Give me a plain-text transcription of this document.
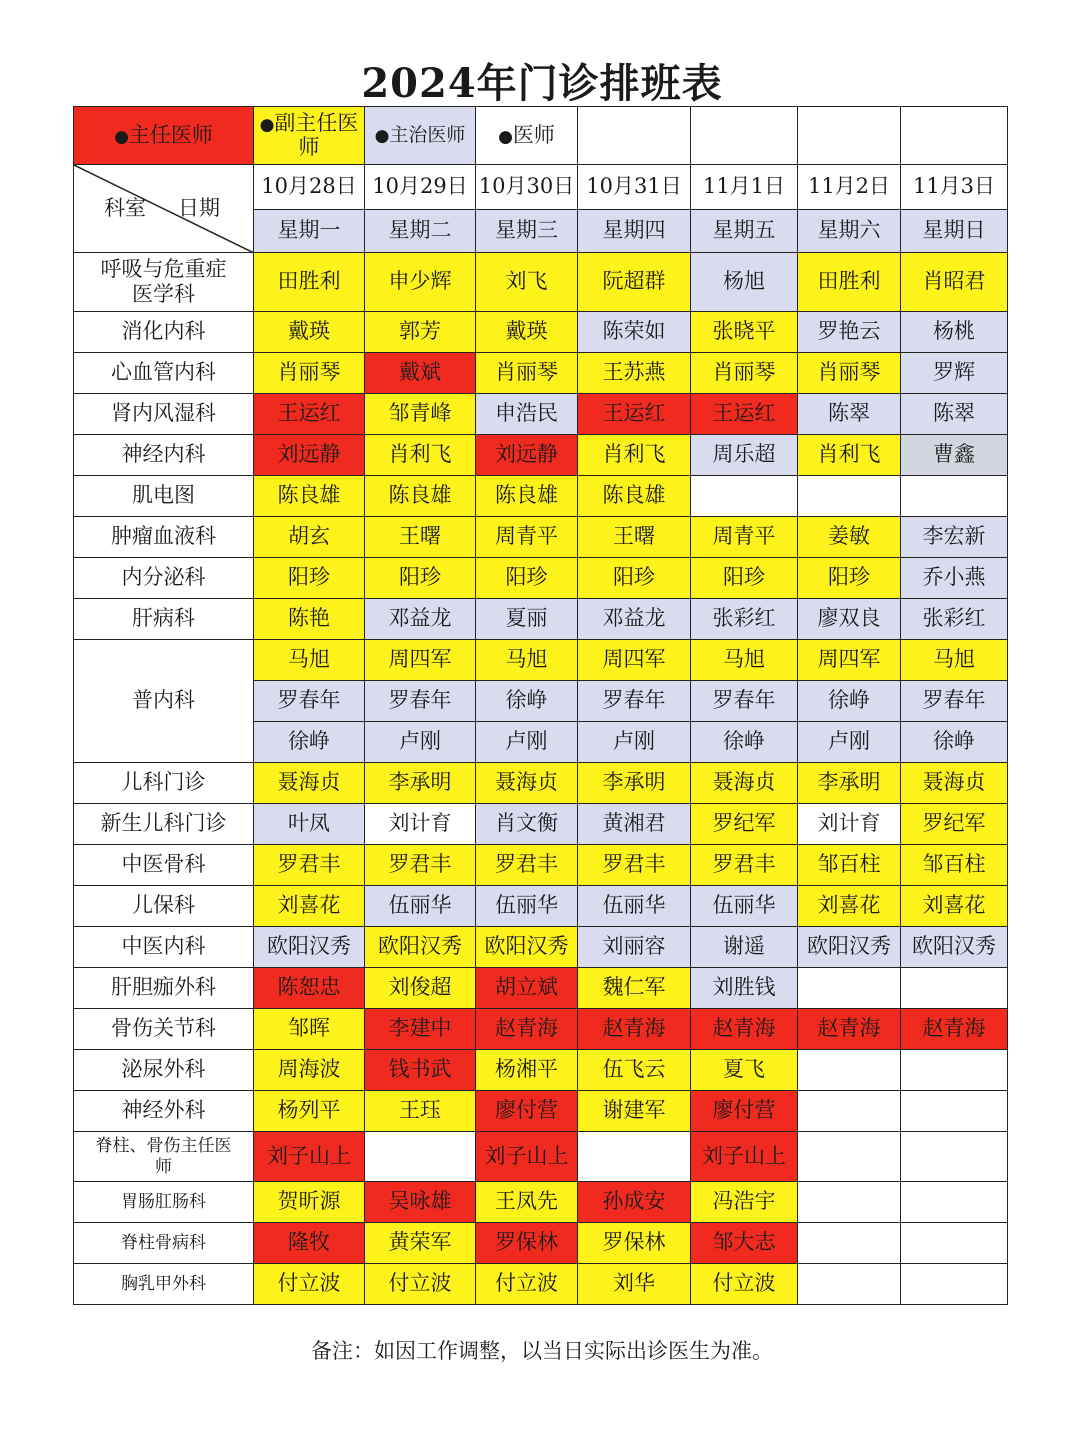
2024年门诊排班表
●主任医师	●副主任医师	●主治医师	●医师				

科室 日期	10月28日	10月29日	10月30日	10月31日	11月1日	11月2日	11月3日
	星期一	星期二	星期三	星期四	星期五	星期六	星期日
呼吸与危重症医学科	田胜利	申少辉	刘飞	阮超群	杨旭	田胜利	肖昭君
消化内科	戴瑛	郭芳	戴瑛	陈荣如	张晓平	罗艳云	杨桃
心血管内科	肖丽琴	戴斌	肖丽琴	王苏燕	肖丽琴	肖丽琴	罗辉
肾内风湿科	王运红	邹青峰	申浩民	王运红	王运红	陈翠	陈翠
神经内科	刘远静	肖利飞	刘远静	肖利飞	周乐超	肖利飞	曹鑫
肌电图	陈良雄	陈良雄	陈良雄	陈良雄			
肿瘤血液科	胡玄	王曙	周青平	王曙	周青平	姜敏	李宏新
内分泌科	阳珍	阳珍	阳珍	阳珍	阳珍	阳珍	乔小燕
肝病科	陈艳	邓益龙	夏丽	邓益龙	张彩红	廖双良	张彩红
普内科	马旭	周四军	马旭	周四军	马旭	周四军	马旭
	罗春年	罗春年	徐峥	罗春年	罗春年	徐峥	罗春年
	徐峥	卢刚	卢刚	卢刚	徐峥	卢刚	徐峥
儿科门诊	聂海贞	李承明	聂海贞	李承明	聂海贞	李承明	聂海贞
新生儿科门诊	叶凤	刘计育	肖文衡	黄湘君	罗纪军	刘计育	罗纪军
中医骨科	罗君丰	罗君丰	罗君丰	罗君丰	罗君丰	邹百柱	邹百柱
儿保科	刘喜花	伍丽华	伍丽华	伍丽华	伍丽华	刘喜花	刘喜花
中医内科	欧阳汉秀	欧阳汉秀	欧阳汉秀	刘丽容	谢遥	欧阳汉秀	欧阳汉秀
肝胆痂外科	陈恕忠	刘俊超	胡立斌	魏仁军	刘胜钱		
骨伤关节科	邹晖	李建中	赵青海	赵青海	赵青海	赵青海	赵青海
泌尿外科	周海波	钱书武	杨湘平	伍飞云	夏飞		
神经外科	杨列平	王珏	廖付营	谢建军	廖付营		
脊柱、骨伤主任医师	刘子山上		刘子山上		刘子山上		
胃肠肛肠科	贺昕源	吴咏雄	王凤先	孙成安	冯浩宇		
脊柱骨病科	隆牧	黄荣军	罗保林	罗保林	邹大志		
胸乳甲外科	付立波	付立波	付立波	刘华	付立波		
备注：如因工作调整，以当日实际出诊医生为准。
